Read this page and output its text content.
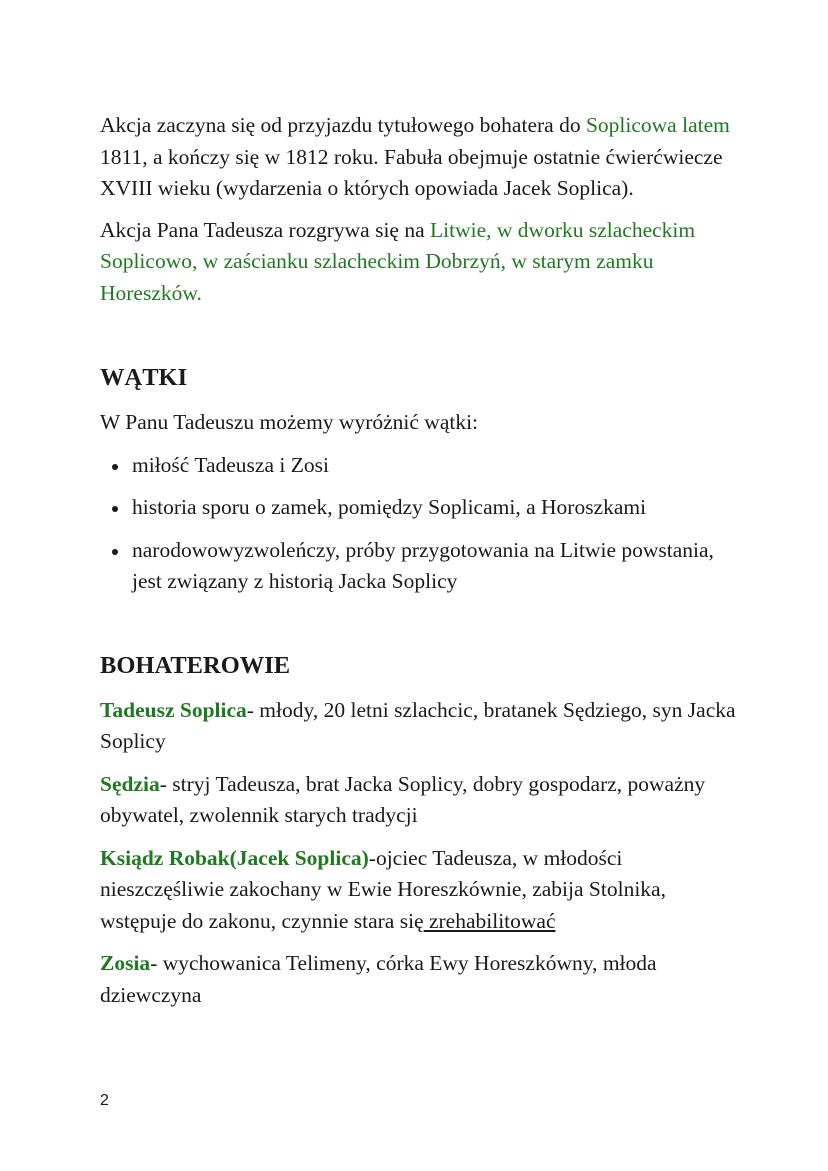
Akcja zaczyna się od przyjazdu tytułowego bohatera do Soplicowa latem 1811, a kończy się w 1812 roku. Fabuła obejmuje ostatnie ćwierćwiecze XVIII wieku (wydarzenia o których opowiada Jacek Soplica).

Akcja Pana Tadeusza rozgrywa się na Litwie, w dworku szlacheckim Soplicowo, w zaścianku szlacheckim Dobrzyń, w starym zamku Horeszków.

WĄTKI

W Panu Tadeuszu możemy wyróżnić wątki:

miłość Tadeusza i Zosi
historia sporu o zamek, pomiędzy Soplicami, a Horoszkami
narodowowyzwoleńczy, próby przygotowania na Litwie powstania, jest związany z historią Jacka Soplicy
BOHATEROWIE

Tadeusz Soplica- młody, 20 letni szlachcic, bratanek Sędziego, syn Jacka Soplicy

Sędzia- stryj Tadeusza, brat Jacka Soplicy, dobry gospodarz, poważny obywatel, zwolennik starych tradycji

Ksiądz Robak(Jacek Soplica)-ojciec Tadeusza, w młodości nieszczęśliwie zakochany w Ewie Horeszkównie, zabija Stolnika, wstępuje do zakonu, czynnie stara się zrehabilitować

Zosia- wychowanica Telimeny, córka Ewy Horeszkówny, młoda dziewczyna

2
